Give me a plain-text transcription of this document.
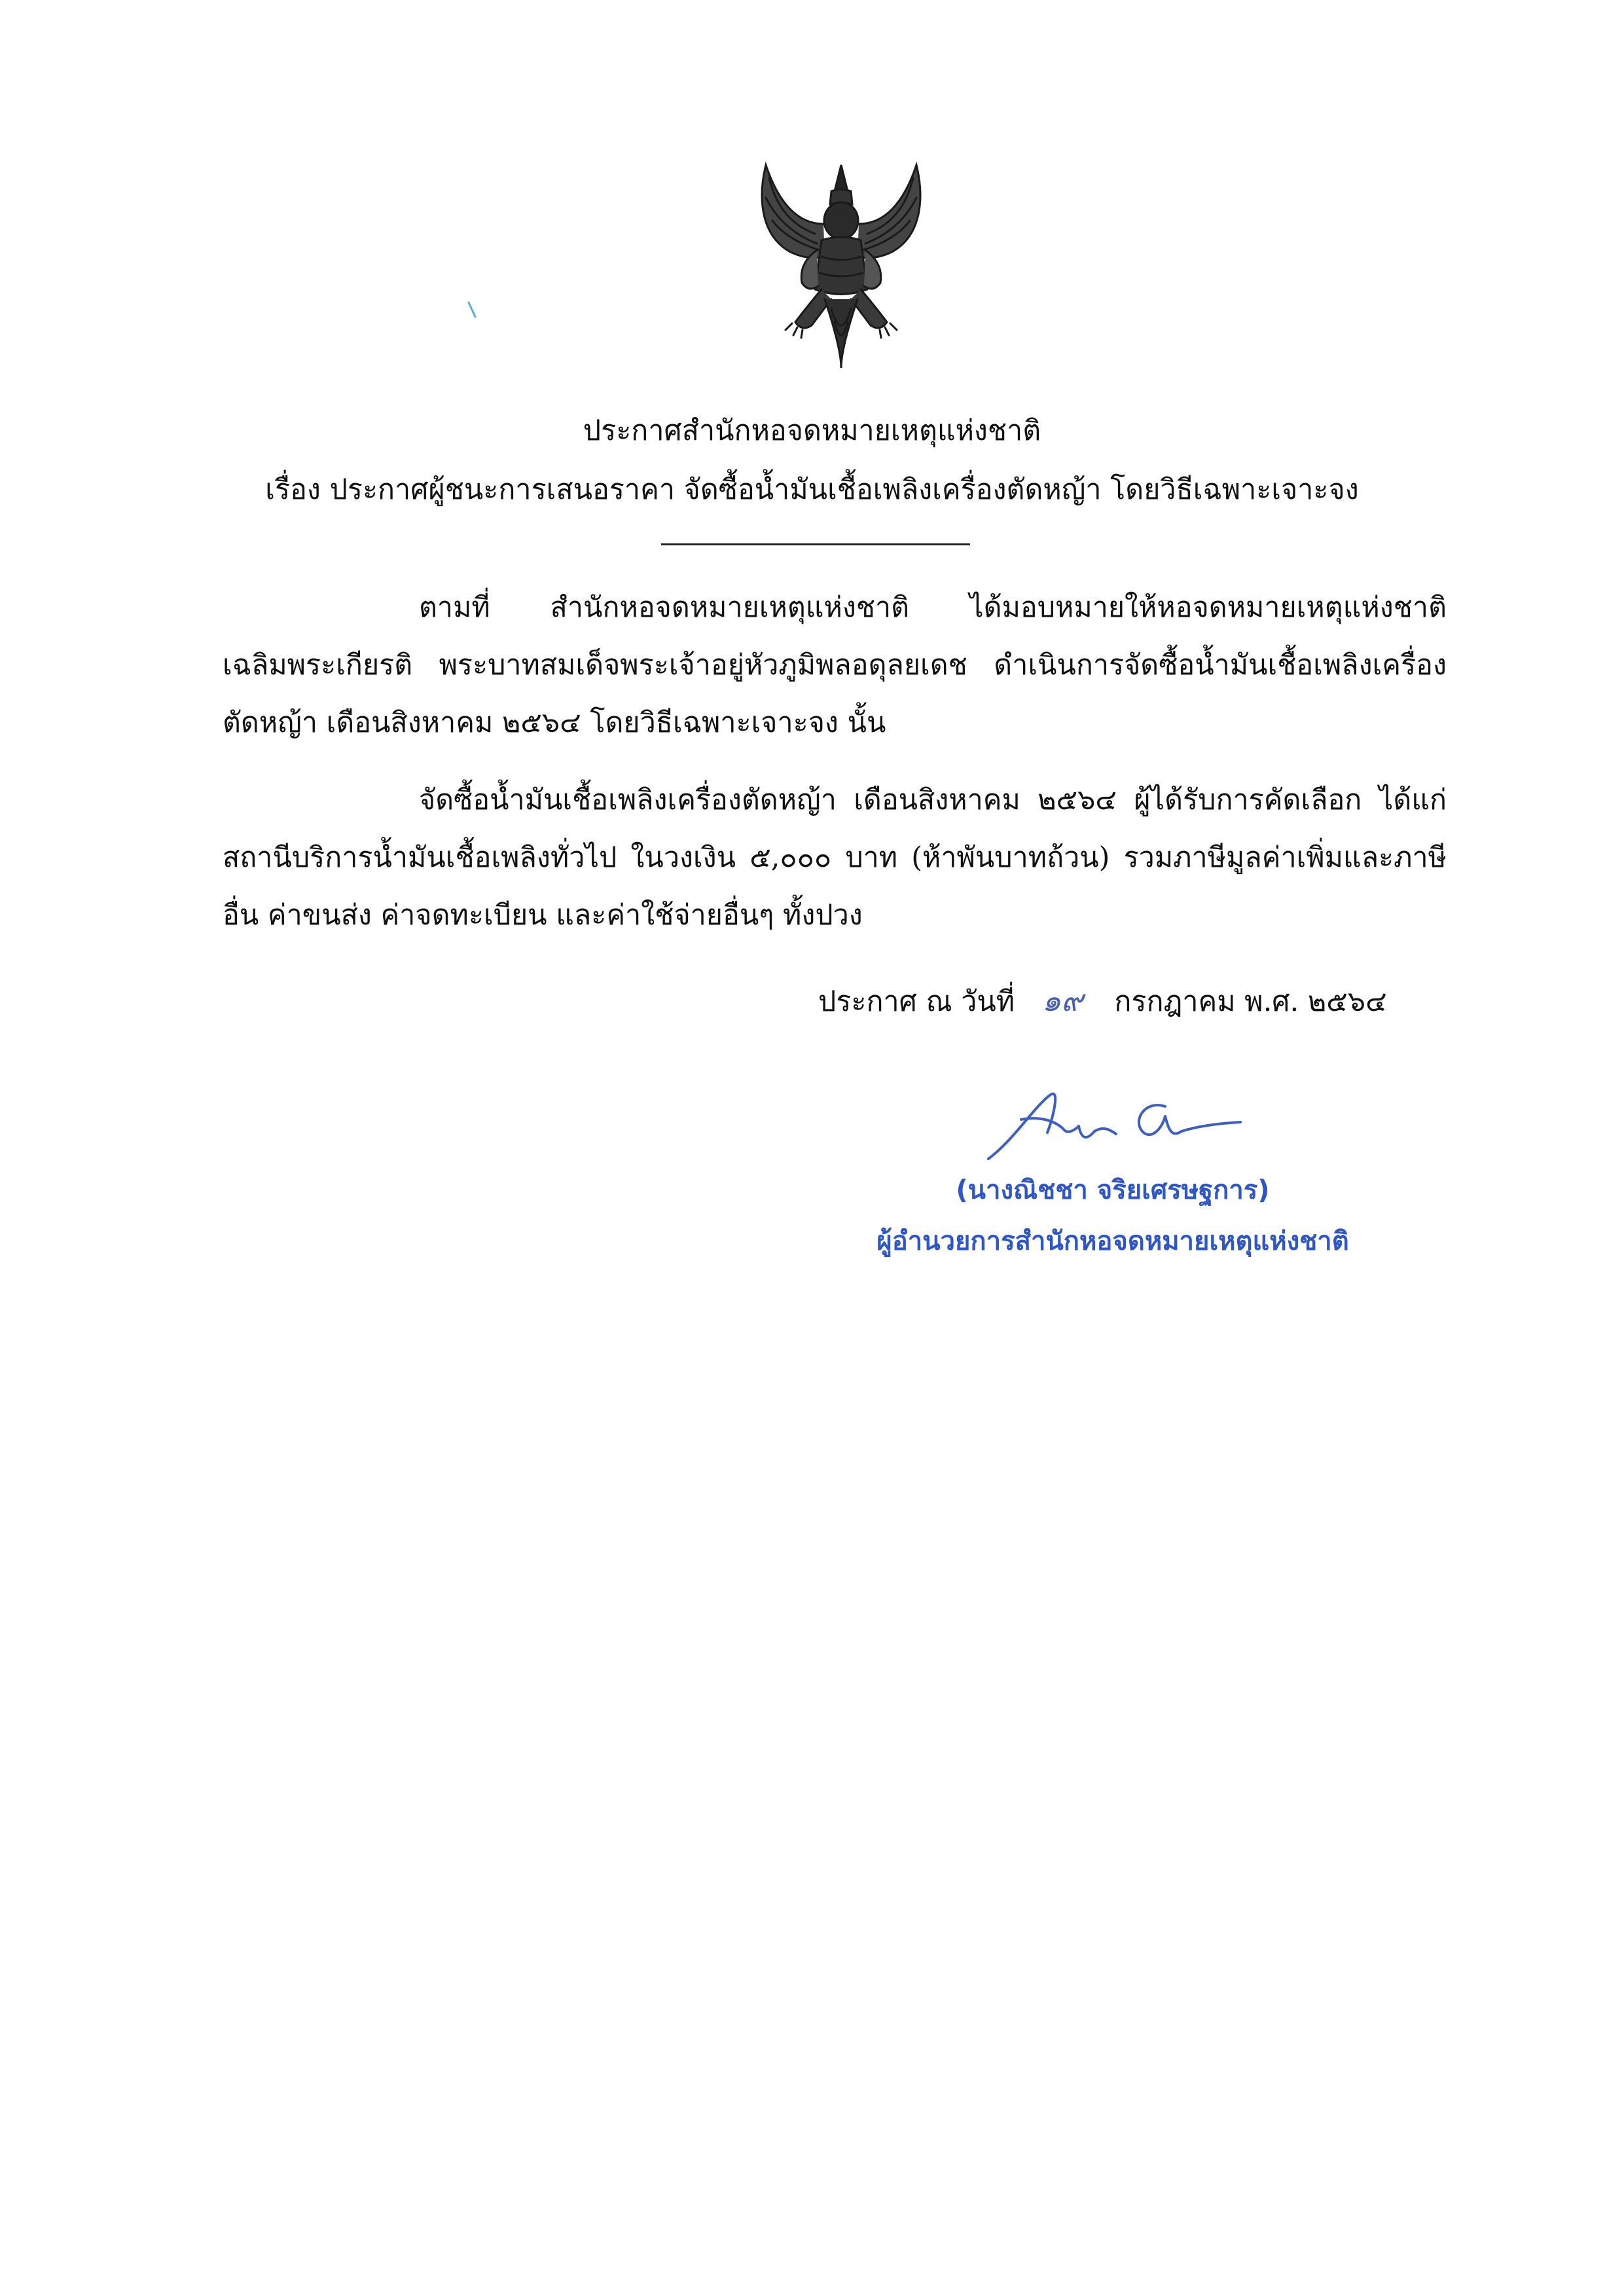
ประกาศสำนักหอจดหมายเหตุแห่งชาติ
เรื่อง ประกาศผู้ชนะการเสนอราคา จัดซื้อน้ำมันเชื้อเพลิงเครื่องตัดหญ้า โดยวิธีเฉพาะเจาะจง
ตามที่ สำนักหอจดหมายเหตุแห่งชาติ ได้มอบหมายให้หอจดหมายเหตุแห่งชาติเฉลิมพระเกียรติ พระบาทสมเด็จพระเจ้าอยู่หัวภูมิพลอดุลยเดช ดำเนินการจัดซื้อน้ำมันเชื้อเพลิงเครื่องตัดหญ้า เดือนสิงหาคม ๒๕๖๔ โดยวิธีเฉพาะเจาะจง นั้น
จัดซื้อน้ำมันเชื้อเพลิงเครื่องตัดหญ้า เดือนสิงหาคม ๒๕๖๔ ผู้ได้รับการคัดเลือก ได้แก่ สถานีบริการน้ำมันเชื้อเพลิงทั่วไป ในวงเงิน ๕,๐๐๐ บาท (ห้าพันบาทถ้วน) รวมภาษีมูลค่าเพิ่มและภาษีอื่น ค่าขนส่ง ค่าจดทะเบียน และค่าใช้จ่ายอื่นๆ ทั้งปวง
ประกาศ ณ วันที่ ๑๙ กรกฎาคม พ.ศ. ๒๕๖๔
(นางณิชชา จริยเศรษฐการ)
ผู้อำนวยการสำนักหอจดหมายเหตุแห่งชาติ
